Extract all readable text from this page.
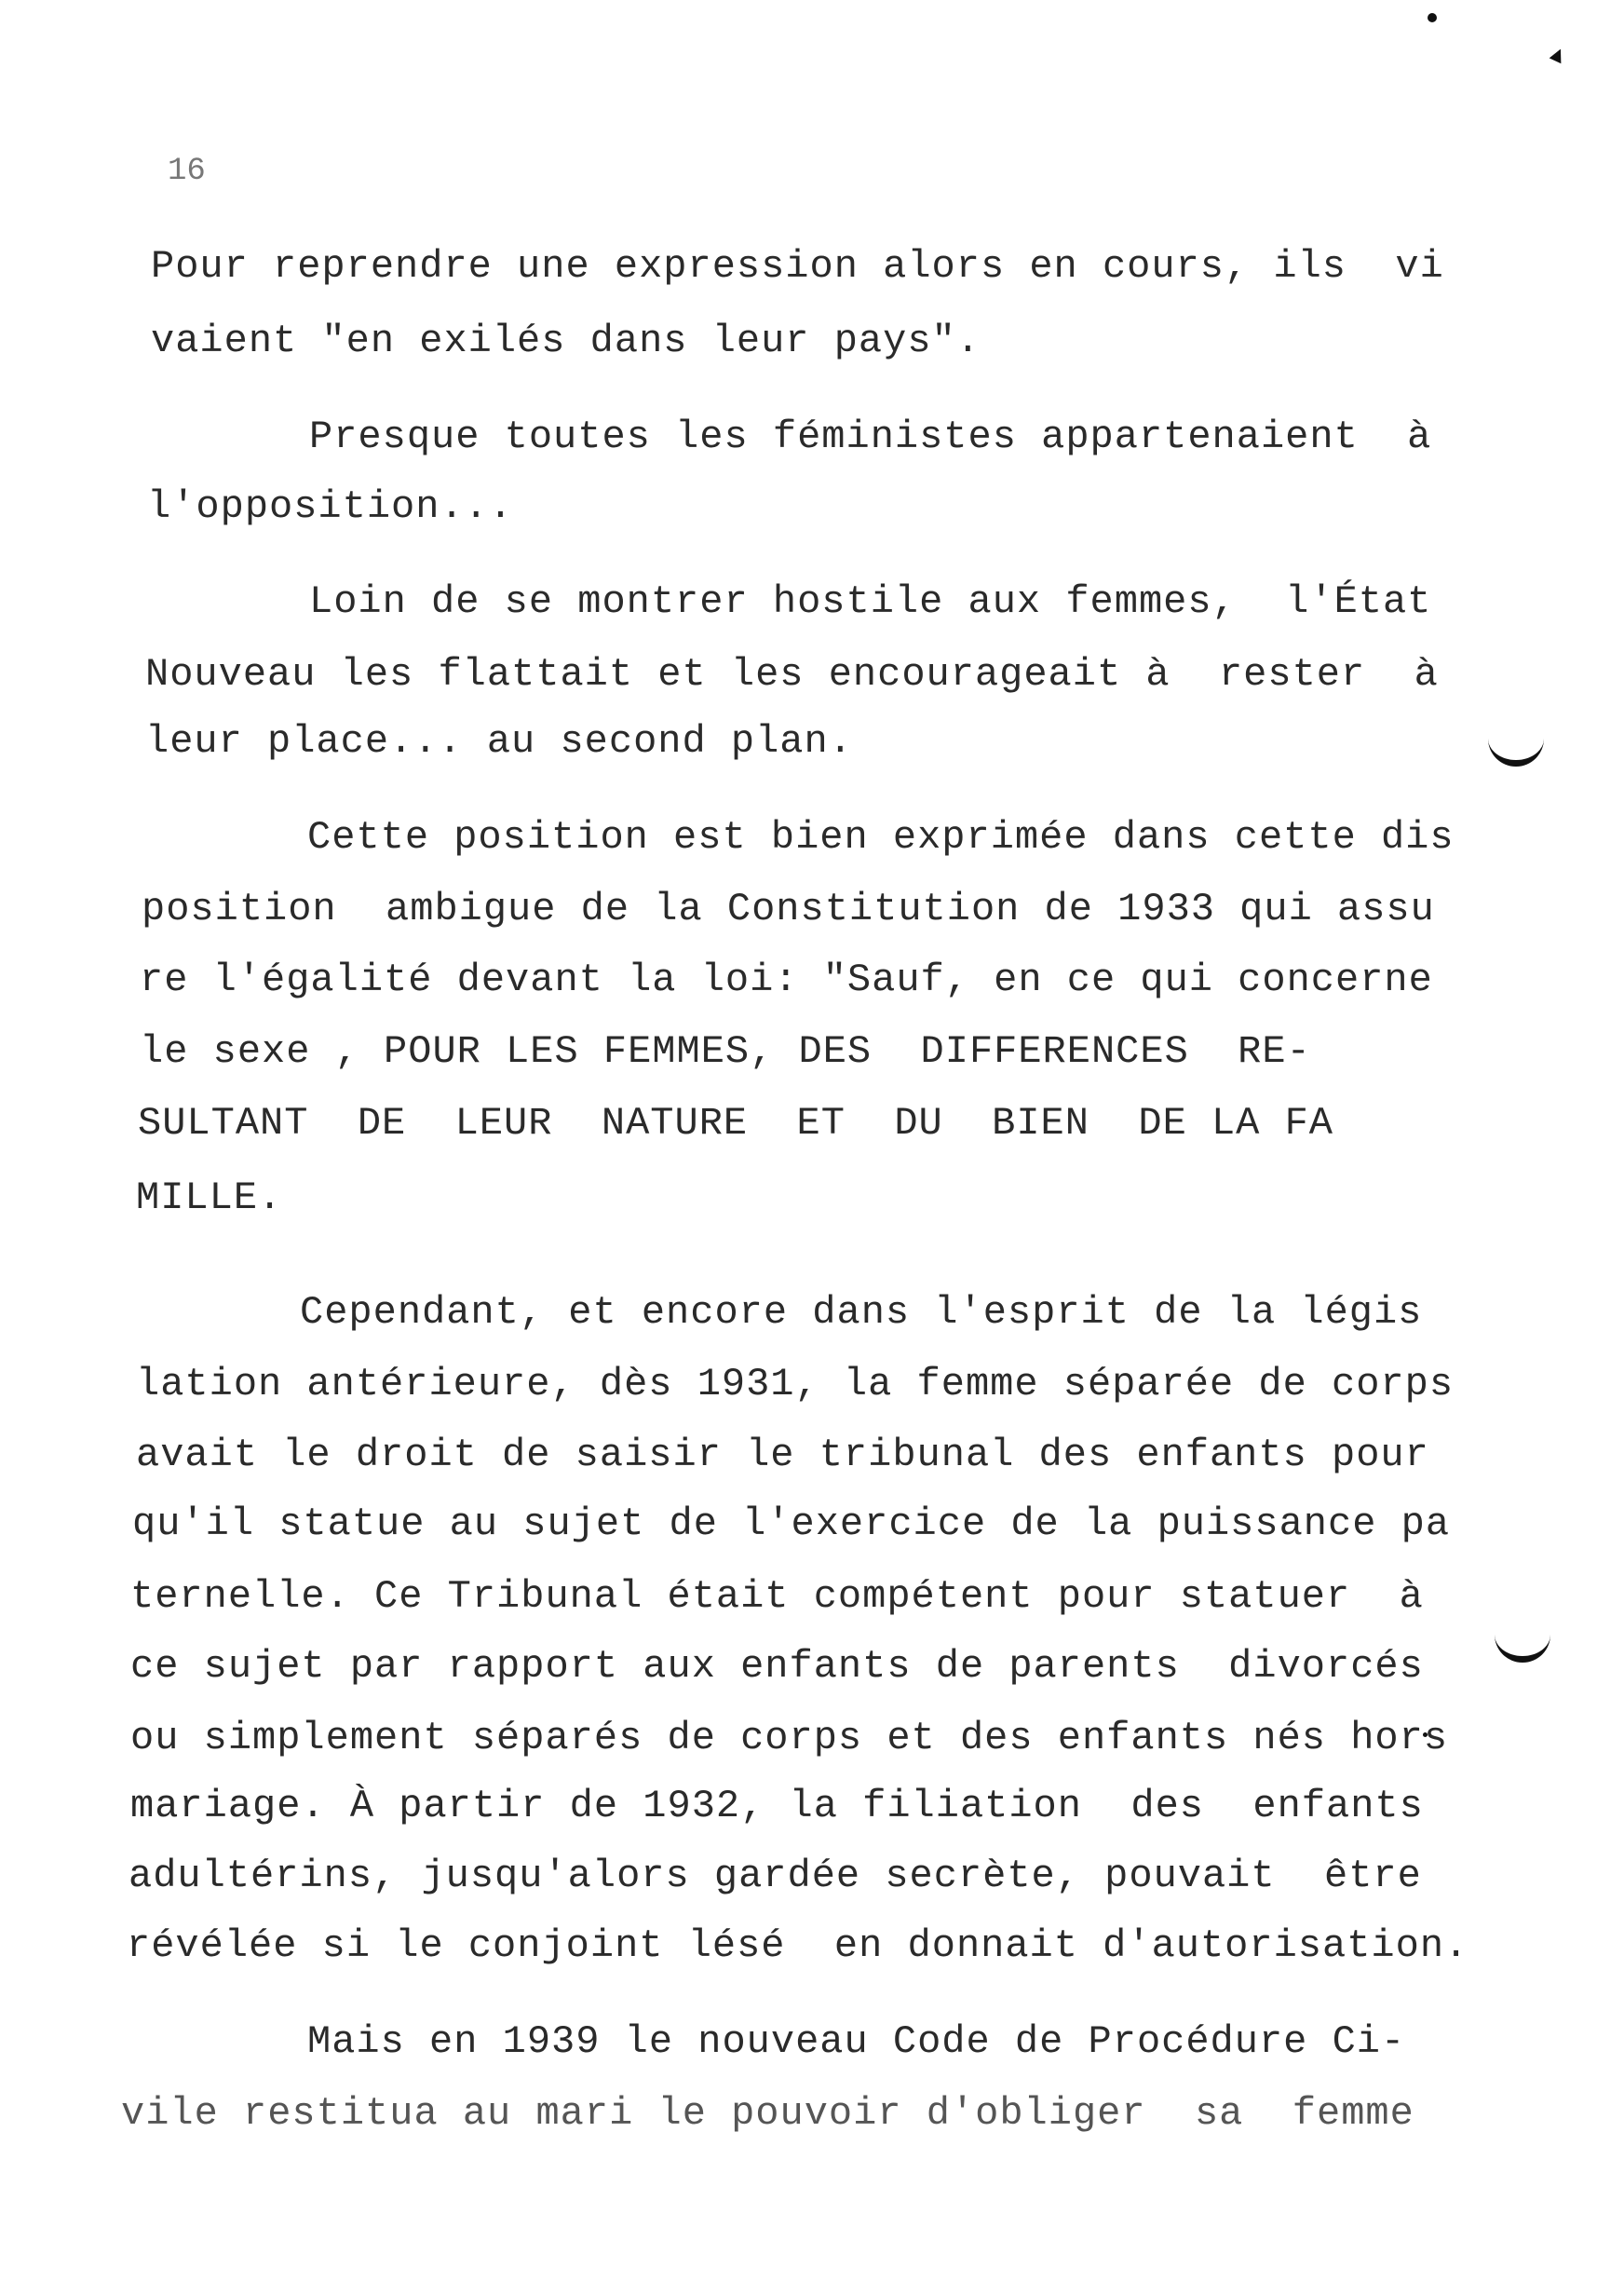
16
Pour reprendre une expression alors en cours, ils  vi
vaient "en exilés dans leur pays".
Presque toutes les féministes appartenaient  à
l'opposition...
Loin de se montrer hostile aux femmes,  l'État
Nouveau les flattait et les encourageait à  rester  à
leur place... au second plan.
Cette position est bien exprimée dans cette dis
position  ambigue de la Constitution de 1933 qui assu
re l'égalité devant la loi: "Sauf, en ce qui concerne
le sexe , POUR LES FEMMES, DES  DIFFERENCES  RE-
SULTANT  DE  LEUR  NATURE  ET  DU  BIEN  DE LA FA
MILLE.
Cependant, et encore dans l'esprit de la légis
lation antérieure, dès 1931, la femme séparée de corps
avait le droit de saisir le tribunal des enfants pour
qu'il statue au sujet de l'exercice de la puissance pa
ternelle. Ce Tribunal était compétent pour statuer  à
ce sujet par rapport aux enfants de parents  divorcés
ou simplement séparés de corps et des enfants nés hors
mariage. À partir de 1932, la filiation  des  enfants
adultérins, jusqu'alors gardée secrète, pouvait  être
révélée si le conjoint lésé  en donnait d'autorisation.
Mais en 1939 le nouveau Code de Procédure Ci-
vile restitua au mari le pouvoir d'obliger  sa  femme
